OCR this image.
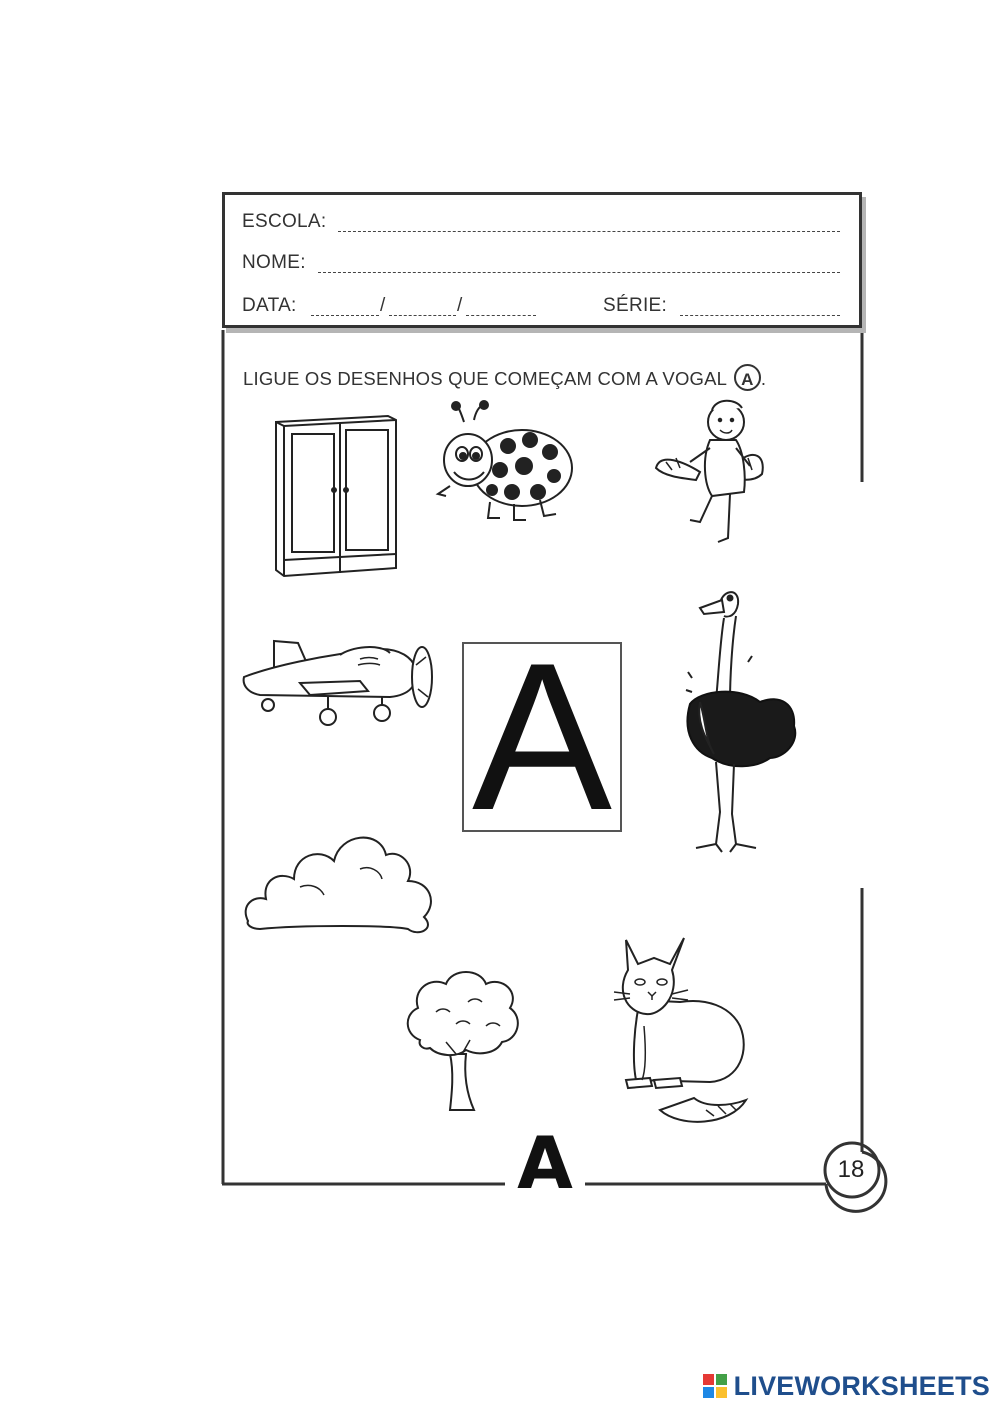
ESCOLA:
NOME:
DATA:	/	/	SÉRIE:
LIGUE OS DESENHOS QUE COMEÇAM COM A VOGAL A .
A
A	18
LIVEWORKSHEETS
